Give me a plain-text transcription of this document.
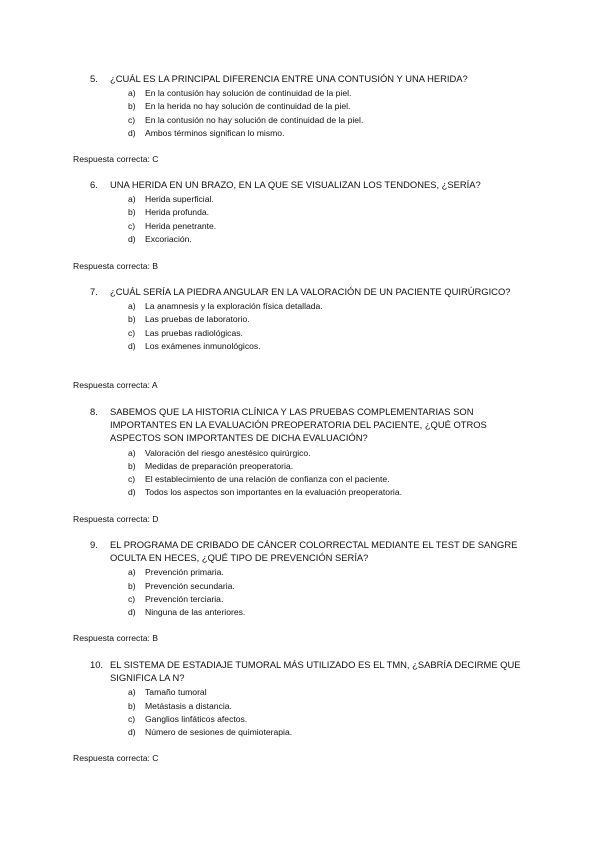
5.	¿CUÁL ES LA PRINCIPAL DIFERENCIA ENTRE UNA CONTUSIÓN Y UNA HERIDA?
a)	En la contusión hay solución de continuidad de la piel.
b)	En la herida no hay solución de continuidad de la piel.
c)	En la contusión no hay solución de continuidad de la piel.
d)	Ambos términos significan lo mismo.
Respuesta correcta: C
6.	UNA HERIDA EN UN BRAZO, EN LA QUE SE VISUALIZAN LOS TENDONES, ¿SERÍA?
a)	Herida superficial.
b)	Herida profunda.
c)	Herida penetrante.
d)	Excoriación.
Respuesta correcta: B
7.	¿CUÁL SERÍA LA PIEDRA ANGULAR EN LA VALORACIÓN DE UN PACIENTE QUIRÚRGICO?
a)	La anamnesis y la exploración física detallada.
b)	Las pruebas de laboratorio.
c)	Las pruebas radiológicas.
d)	Los exámenes inmunológicos.
Respuesta correcta: A
8.	SABEMOS QUE LA HISTORIA CLÍNICA Y LAS PRUEBAS COMPLEMENTARIAS SON IMPORTANTES EN LA EVALUACIÓN PREOPERATORIA DEL PACIENTE, ¿QUÉ OTROS ASPECTOS SON IMPORTANTES DE DICHA EVALUACIÓN?
a)	Valoración del riesgo anestésico quirúrgico.
b)	Medidas de preparación preoperatoria.
c)	El establecimiento de una relación de confianza con el paciente.
d)	Todos los aspectos son importantes en la evaluación preoperatoria.
Respuesta correcta: D
9.	EL PROGRAMA DE CRIBADO DE CÁNCER COLORRECTAL MEDIANTE EL TEST DE SANGRE OCULTA EN HECES, ¿QUÉ TIPO DE PREVENCIÓN SERÍA?
a)	Prevención primaria.
b)	Prevención secundaria.
c)	Prevención terciaria.
d)	Ninguna de las anteriores.
Respuesta correcta: B
10. EL SISTEMA DE ESTADIAJE TUMORAL MÁS UTILIZADO ES EL TMN, ¿SABRÍA DECIRME QUE SIGNIFICA LA N?
a)	Tamaño tumoral
b)	Metástasis a distancia.
c)	Ganglios linfáticos afectos.
d)	Número de sesiones de quimioterapia.
Respuesta correcta: C
